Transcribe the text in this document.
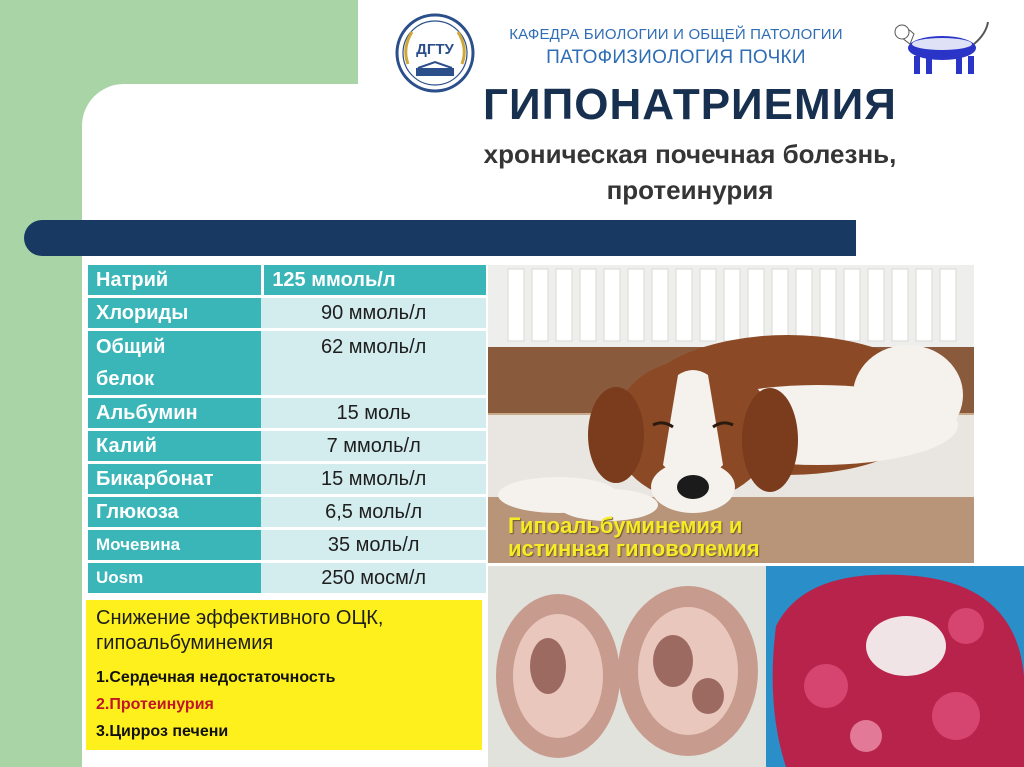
ДГТУ
КАФЕДРА БИОЛОГИИ И ОБЩЕЙ ПАТОЛОГИИ
ПАТОФИЗИОЛОГИЯ ПОЧКИ
ГИПОНАТРИЕМИЯ
хроническая почечная болезнь,
протеинурия
Натрий	125 ммоль/л
Хлориды	90 ммоль/л

Общий
белок	62 ммоль/л
Альбумин	15 моль
Калий	7 ммоль/л
Бикарбонат	15 ммоль/л
Глюкоза	6,5 моль/л
Мочевина	35 моль/л
Uosm	250 мосм/л
Снижение эффективного ОЦК,
гипоальбуминемия
1.Сердечная недостаточность
2.Протеинурия
3.Цирроз печени
Гипоальбуминемия и
истинная гиповолемия
